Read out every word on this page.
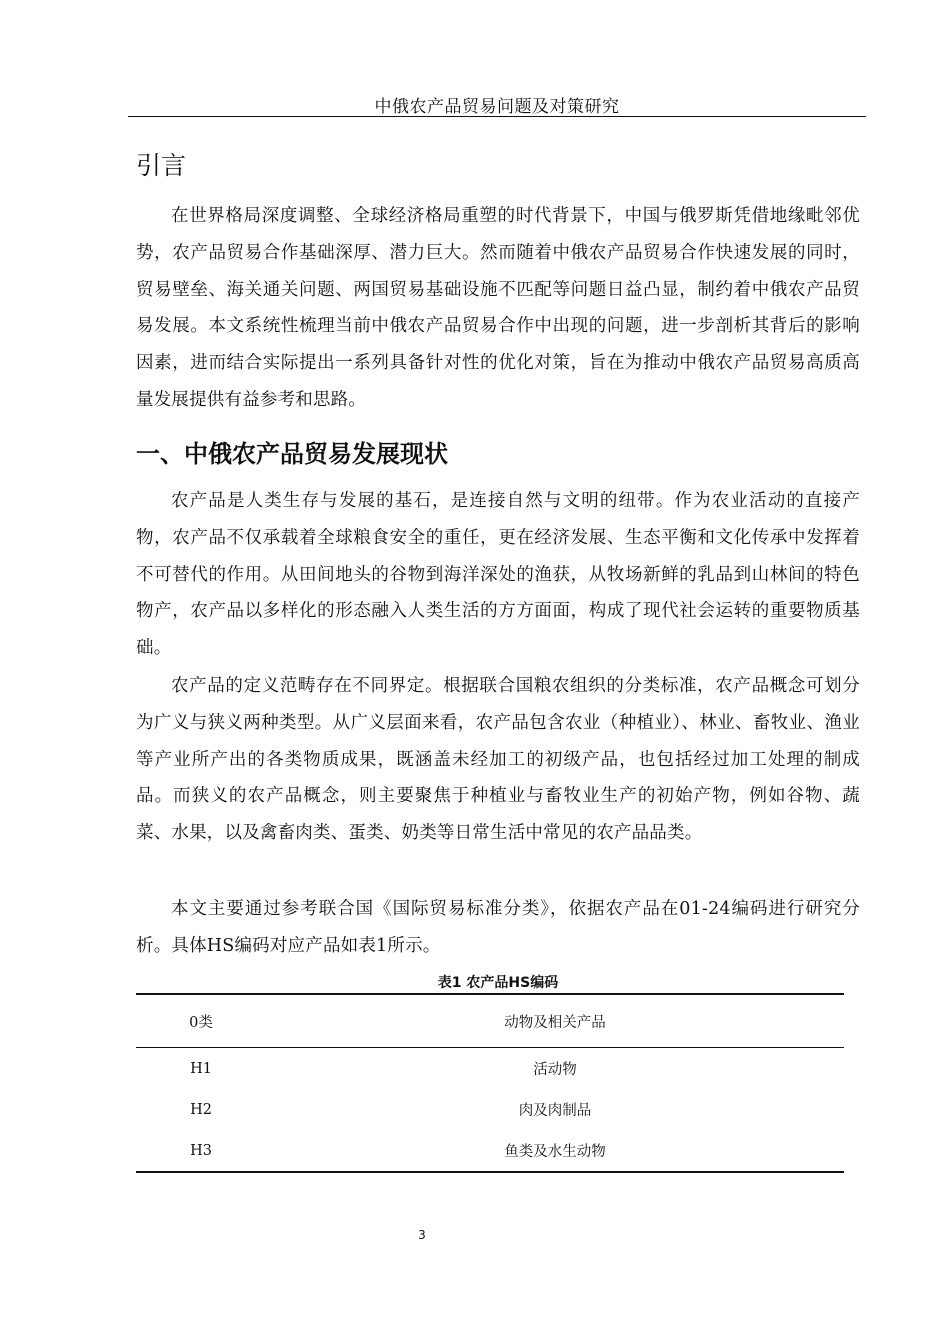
中俄农产品贸易问题及对策研究
引言

在世界格局深度调整、全球经济格局重塑的时代背景下，中国与俄罗斯凭借地缘毗邻优势，农产品贸易合作基础深厚、潜力巨大。然而随着中俄农产品贸易合作快速发展的同时，贸易壁垒、海关通关问题、两国贸易基础设施不匹配等问题日益凸显，制约着中俄农产品贸易发展。本文系统性梳理当前中俄农产品贸易合作中出现的问题，进一步剖析其背后的影响因素，进而结合实际提出一系列具备针对性的优化对策，旨在为推动中俄农产品贸易高质高量发展提供有益参考和思路。

一、中俄农产品贸易发展现状

农产品是人类生存与发展的基石，是连接自然与文明的纽带。作为农业活动的直接产物，农产品不仅承载着全球粮食安全的重任，更在经济发展、生态平衡和文化传承中发挥着不可替代的作用。从田间地头的谷物到海洋深处的渔获，从牧场新鲜的乳品到山林间的特色物产，农产品以多样化的形态融入人类生活的方方面面，构成了现代社会运转的重要物质基础。

农产品的定义范畴存在不同界定。根据联合国粮农组织的分类标准，农产品概念可划分为广义与狭义两种类型。从广义层面来看，农产品包含农业（种植业）、林业、畜牧业、渔业等产业所产出的各类物质成果，既涵盖未经加工的初级产品，也包括经过加工处理的制成品。而狭义的农产品概念，则主要聚焦于种植业与畜牧业生产的初始产物，例如谷物、蔬菜、水果，以及禽畜肉类、蛋类、奶类等日常生活中常见的农产品品类。

本文主要通过参考联合国《国际贸易标准分类》，依据农产品在01-24编码进行研究分析。具体HS编码对应产品如表1所示。

表1 农产品HS编码
0类	动物及相关产品
H1	活动物
H2	肉及肉制品
H3	鱼类及水生动物
3
